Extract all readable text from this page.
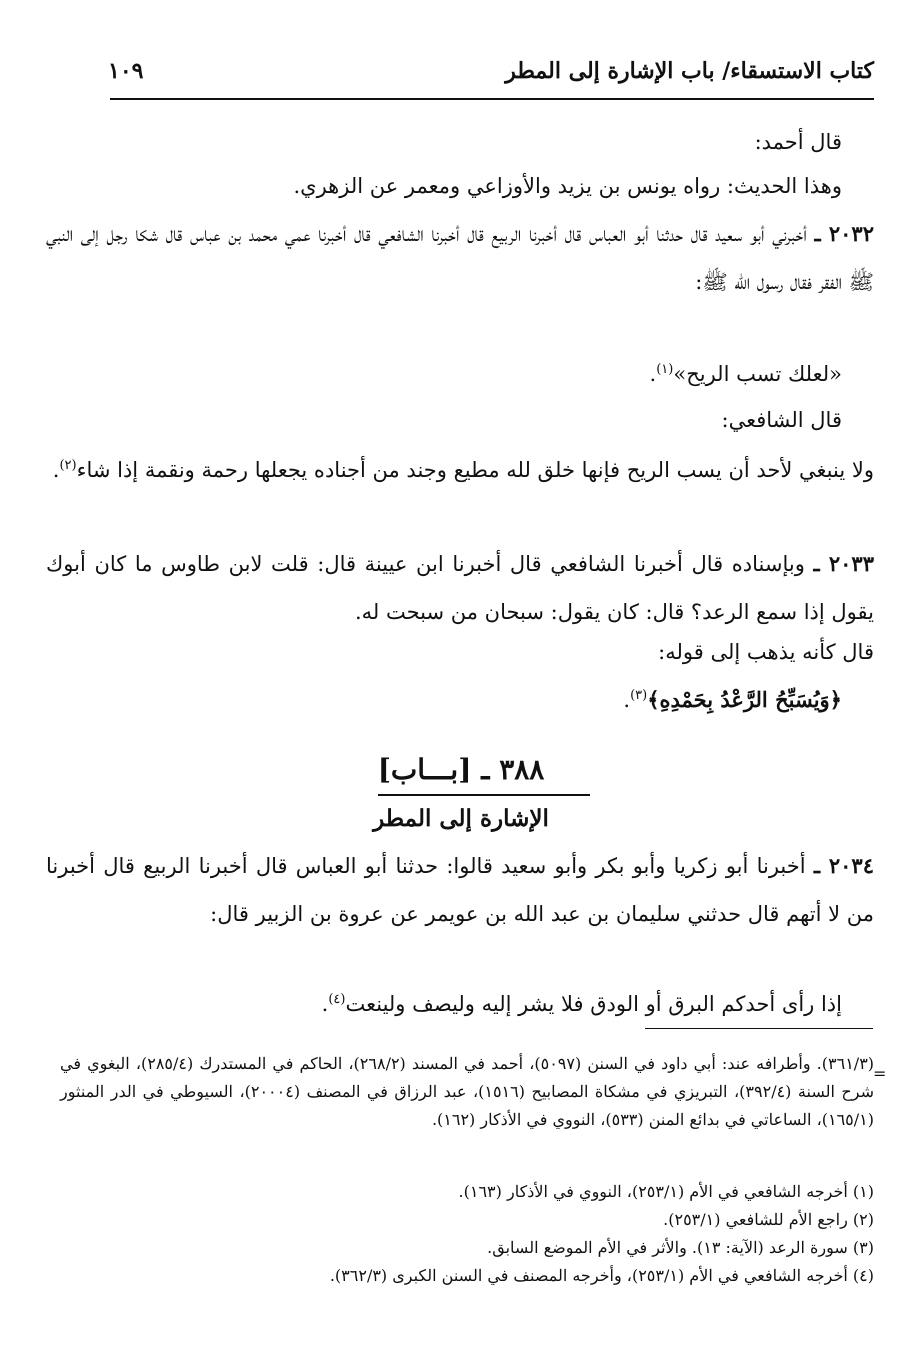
كتاب الاستسقاء/ باب الإشارة إلى المطر
١٠٩

قال أحمد:

وهذا الحديث: رواه يونس بن يزيد والأوزاعي ومعمر عن الزهري.

٢٠٣٢ ـ أخبرني أبو سعيد قال حدثنا أبو العباس قال أخبرنا الربيع قال أخبرنا الشافعي قال أخبرنا عمي محمد بن عباس قال شكا رجل إلى النبي ﷺ الفقر فقال رسول الله ﷺ:

«لعلك تسب الريح»$^{(١)}$.

قال الشافعي:

ولا ينبغي لأحد أن يسب الريح فإنها خلق لله مطيع وجند من أجناده يجعلها رحمة ونقمة إذا شاء$^{(٢)}$.

٢٠٣٣ ـ وبإسناده قال أخبرنا الشافعي قال أخبرنا ابن عيينة قال: قلت لابن طاوس ما كان أبوك يقول إذا سمع الرعد؟ قال: كان يقول: سبحان من سبحت له.

قال كأنه يذهب إلى قوله:

﴿وَيُسَبِّحُ الرَّعْدُ بِحَمْدِهِ﴾$^{(٣)}$.

٣٨٨ ـ [بـــاب]
الإشارة إلى المطر

٢٠٣٤ ـ أخبرنا أبو زكريا وأبو بكر وأبو سعيد قالوا: حدثنا أبو العباس قال أخبرنا الربيع قال أخبرنا من لا أتهم قال حدثني سليمان بن عبد الله بن عويمر عن عروة بن الزبير قال:

إذا رأى أحدكم البرق أو الودق فلا يشر إليه وليصف ولينعت$^{(٤)}$.

=

(٣٦١/٣). وأطرافه عند: أبي داود في السنن (٥٠٩٧)، أحمد في المسند (٢٦٨/٢)، الحاكم في المستدرك (٢٨٥/٤)، البغوي في شرح السنة (٣٩٢/٤)، التبريزي في مشكاة المصابيح (١٥١٦)، عبد الرزاق في المصنف (٢٠٠٠٤)، السيوطي في الدر المنثور (١٦٥/١)، الساعاتي في بدائع المنن (٥٣٣)، النووي في الأذكار (١٦٢).

(١) أخرجه الشافعي في الأم (٢٥٣/١)، النووي في الأذكار (١٦٣).

(٢) راجع الأم للشافعي (٢٥٣/١).

(٣) سورة الرعد (الآية: ١٣). والأثر في الأم الموضع السابق.

(٤) أخرجه الشافعي في الأم (٢٥٣/١)، وأخرجه المصنف في السنن الكبرى (٣٦٢/٣).
